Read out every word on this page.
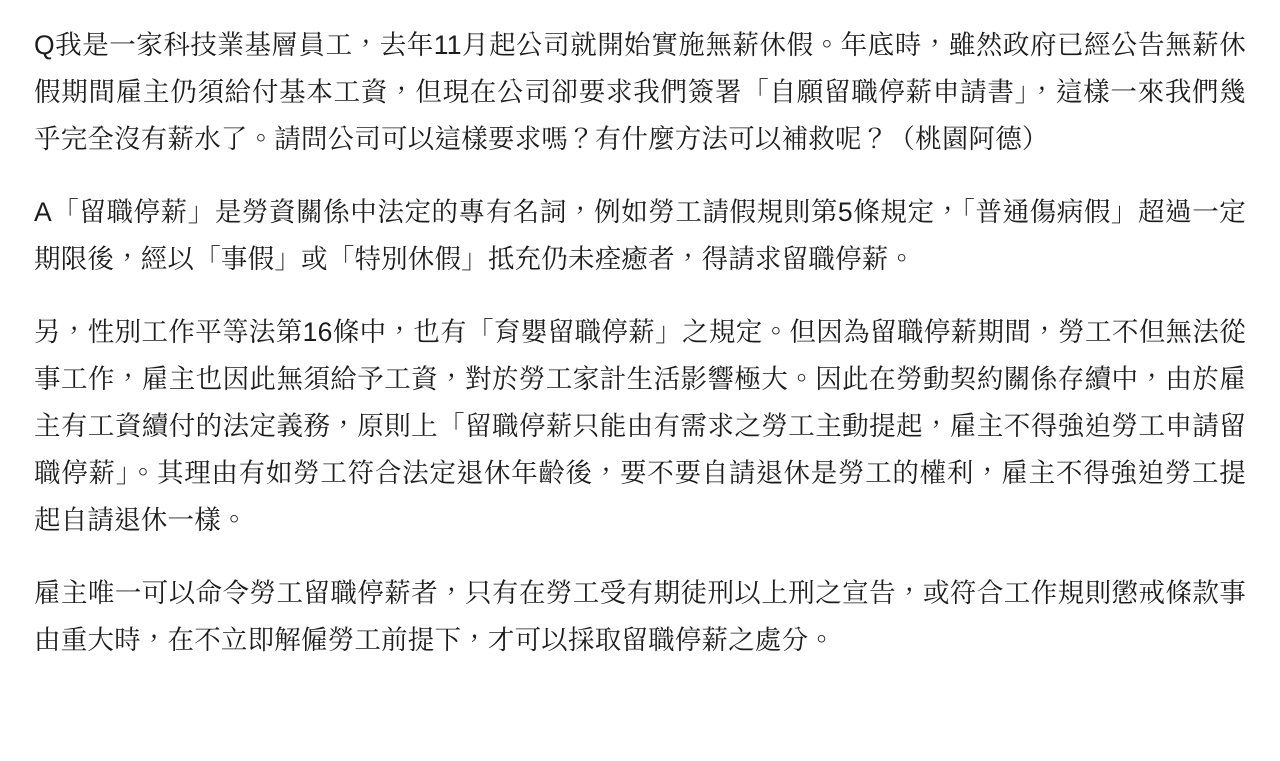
Q我是一家科技業基層員工，去年11月起公司就開始實施無薪休假。年底時，雖然政府已經公告無薪休假期間雇主仍須給付基本工資，但現在公司卻要求我們簽署「自願留職停薪申請書」，這樣一來我們幾乎完全沒有薪水了。請問公司可以這樣要求嗎？有什麼方法可以補救呢？（桃園阿德）

A「留職停薪」是勞資關係中法定的專有名詞，例如勞工請假規則第5條規定，「普通傷病假」超過一定期限後，經以「事假」或「特別休假」抵充仍未痊癒者，得請求留職停薪。

另，性別工作平等法第16條中，也有「育嬰留職停薪」之規定。但因為留職停薪期間，勞工不但無法從事工作，雇主也因此無須給予工資，對於勞工家計生活影響極大。因此在勞動契約關係存續中，由於雇主有工資續付的法定義務，原則上「留職停薪只能由有需求之勞工主動提起，雇主不得強迫勞工申請留職停薪」。其理由有如勞工符合法定退休年齡後，要不要自請退休是勞工的權利，雇主不得強迫勞工提起自請退休一樣。

雇主唯一可以命令勞工留職停薪者，只有在勞工受有期徒刑以上刑之宣告，或符合工作規則懲戒條款事由重大時，在不立即解僱勞工前提下，才可以採取留職停薪之處分。
